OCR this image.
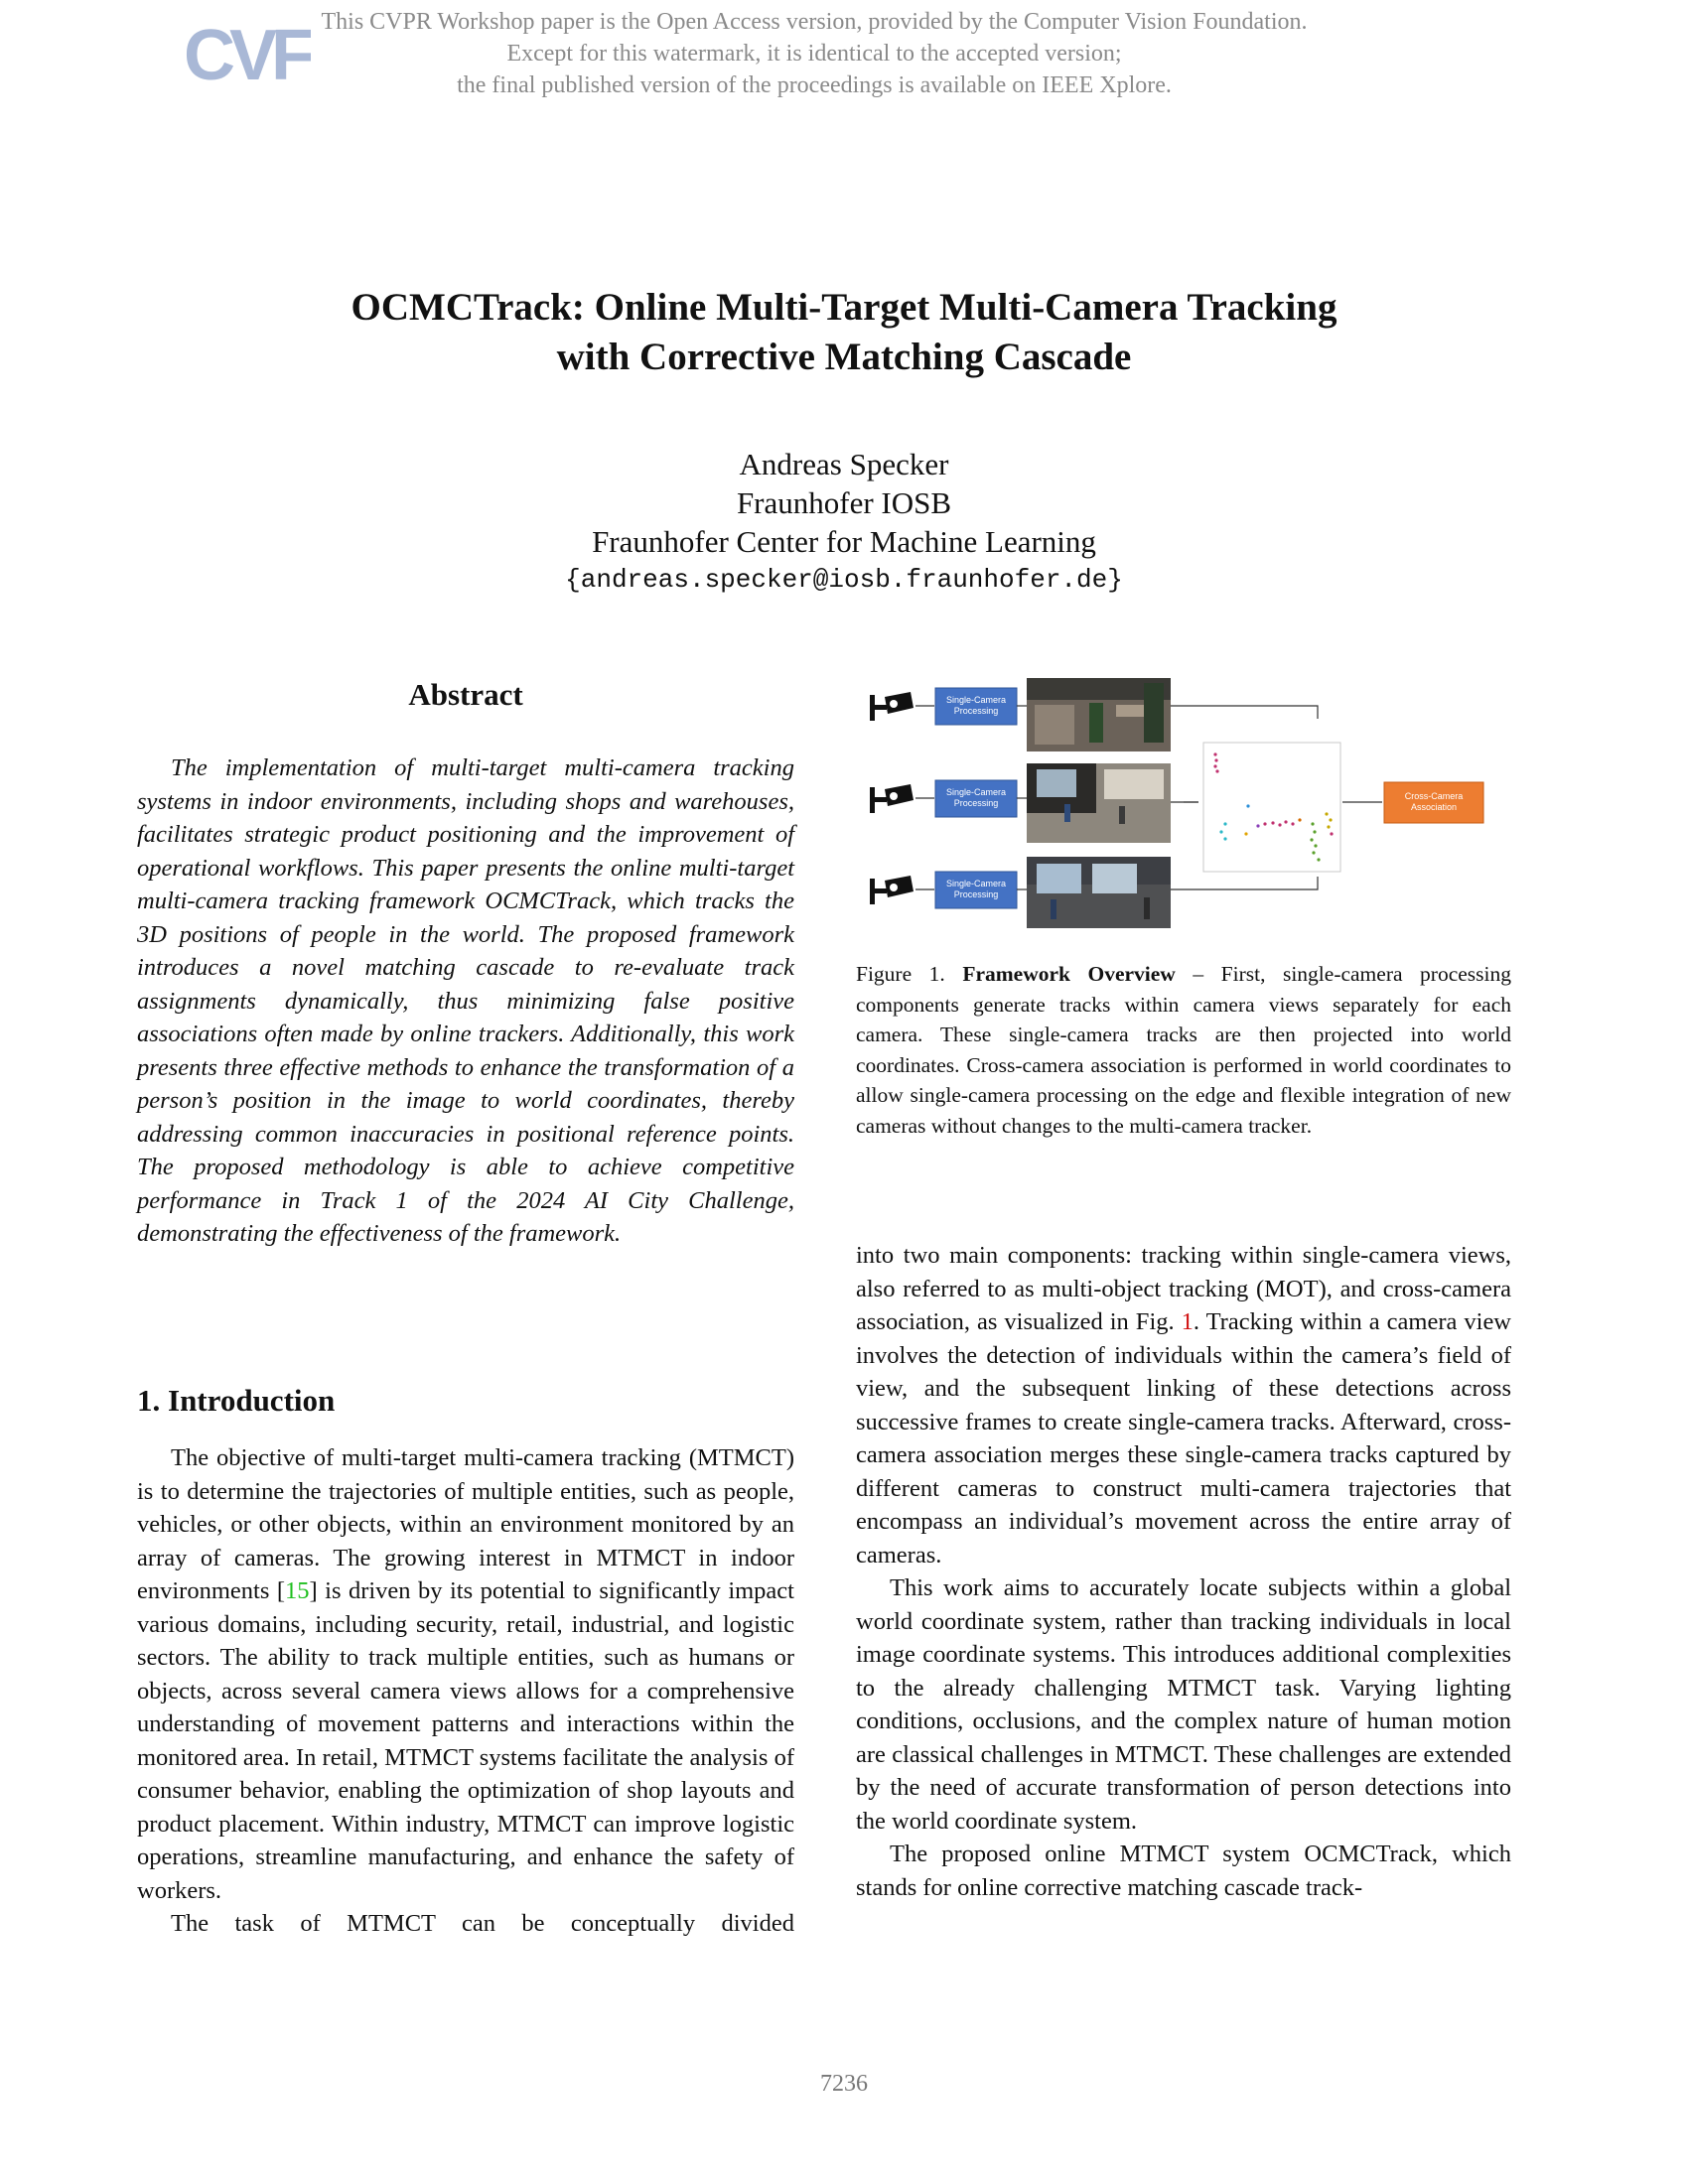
CVF This CVPR Workshop paper is the Open Access version, provided by the Computer Vision Foundation.
Except for this watermark, it is identical to the accepted version;
the final published version of the proceedings is available on IEEE Xplore.
OCMCTrack: Online Multi-Target Multi-Camera Tracking
with Corrective Matching Cascade
Andreas Specker
Fraunhofer IOSB
Fraunhofer Center for Machine Learning
{andreas.specker@iosb.fraunhofer.de}
Abstract

The implementation of multi-target multi-camera tracking systems in indoor environments, including shops and warehouses, facilitates strategic product positioning and the improvement of operational workflows. This paper presents the online multi-target multi-camera tracking framework OCMCTrack, which tracks the 3D positions of people in the world. The proposed framework introduces a novel matching cascade to re-evaluate track assignments dynamically, thus minimizing false positive associations often made by online trackers. Additionally, this work presents three effective methods to enhance the transformation of a person’s position in the image to world coordinates, thereby addressing common inaccuracies in positional reference points. The proposed methodology is able to achieve competitive performance in Track 1 of the 2024 AI City Challenge, demonstrating the effectiveness of the framework.

1. Introduction

The objective of multi-target multi-camera tracking (MTMCT) is to determine the trajectories of multiple entities, such as people, vehicles, or other objects, within an environment monitored by an array of cameras. The growing interest in MTMCT in indoor environments [15] is driven by its potential to significantly impact various domains, including security, retail, industrial, and logistic sectors. The ability to track multiple entities, such as humans or objects, across several camera views allows for a comprehensive understanding of movement patterns and interactions within the monitored area. In retail, MTMCT systems facilitate the analysis of consumer behavior, enabling the optimization of shop layouts and product placement. Within industry, MTMCT can improve logistic operations, streamline manufacturing, and enhance the safety of workers.

The task of MTMCT can be conceptually divided

Single-Camera Processing
Single-Camera Processing
Single-Camera Processing
Cross-Camera Association
Figure 1. Framework Overview – First, single-camera processing components generate tracks within camera views separately for each camera. These single-camera tracks are then projected into world coordinates. Cross-camera association is performed in world coordinates to allow single-camera processing on the edge and flexible integration of new cameras without changes to the multi-camera tracker.

into two main components: tracking within single-camera views, also referred to as multi-object tracking (MOT), and cross-camera association, as visualized in Fig. 1. Tracking within a camera view involves the detection of individuals within the camera’s field of view, and the subsequent linking of these detections across successive frames to create single-camera tracks. Afterward, cross-camera association merges these single-camera tracks captured by different cameras to construct multi-camera trajectories that encompass an individual’s movement across the entire array of cameras.

This work aims to accurately locate subjects within a global world coordinate system, rather than tracking individuals in local image coordinate systems. This introduces additional complexities to the already challenging MTMCT task. Varying lighting conditions, occlusions, and the complex nature of human motion are classical challenges in MTMCT. These challenges are extended by the need of accurate transformation of person detections into the world coordinate system.

The proposed online MTMCT system OCMCTrack, which stands for online corrective matching cascade track-

7236
